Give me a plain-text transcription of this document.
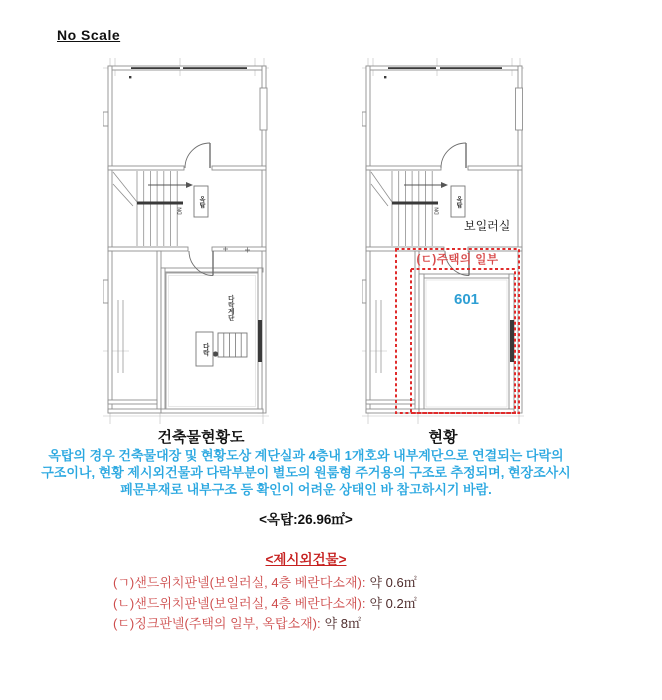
No Scale
옥탑
DN
다락계단
다락
옥탑
DN
보일러실
(ㄷ)주택의 일부
601
건축물현황도	현황
옥탑의 경우 건축물대장 및 현황도상 계단실과 4층내 1개호와 내부계단으로 연결되는 다락의
구조이나, 현황 제시외건물과 다락부분이 별도의 원룸형 주거용의 구조로 추정되며, 현장조사시
페문부재로 내부구조 등 확인이 어려운 상태인 바 참고하시기 바람.
<옥탑:26.96㎡>
<제시외건물>
(ㄱ)샌드위치판넬(보일러실, 4층 베란다소재): 약 0.6㎡
(ㄴ)샌드위치판넬(보일러실, 4층 베란다소재): 약 0.2㎡
(ㄷ)징크판넬(주택의 일부, 옥탑소재): 약 8㎡
